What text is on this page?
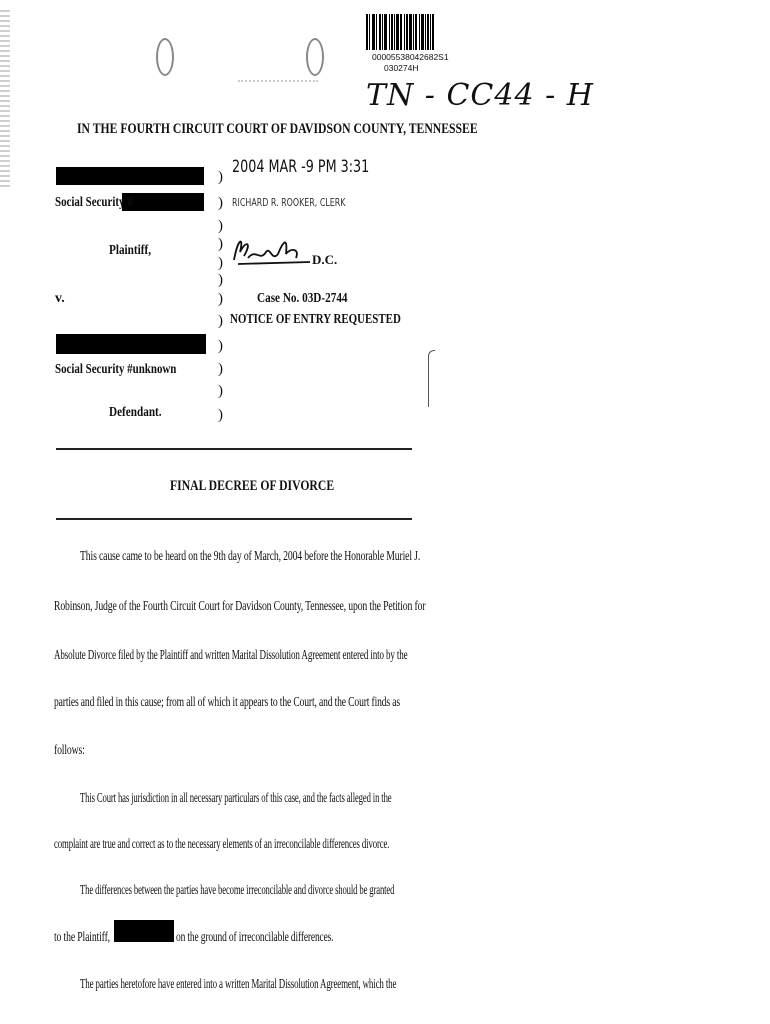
00005538042682S1
030274H
TN - CC44 - H
IN THE FOURTH CIRCUIT COURT OF DAVIDSON COUNTY, TENNESSEE
2004 MAR -9 PM 3:31
RICHARD R. ROOKER, CLERK
D.C.
Social Security #
Plaintiff,
v.
Social Security #unknown
Defendant.
)
)
)
)
)
)
)
)
)
)
)
)
Case No. 03D-2744
NOTICE OF ENTRY REQUESTED
FINAL DECREE OF DIVORCE
This cause came to be heard on the 9th day of March, 2004 before the Honorable Muriel J.
Robinson, Judge of the Fourth Circuit Court for Davidson County, Tennessee, upon the Petition for
Absolute Divorce filed by the Plaintiff and written Marital Dissolution Agreement entered into by the
parties and filed in this cause; from all of which it appears to the Court, and the Court finds as
follows:
This Court has jurisdiction in all necessary particulars of this case, and the facts alleged in the
complaint are true and correct as to the necessary elements of an irreconcilable differences divorce.
The differences between the parties have become irreconcilable and divorce should be granted
to the Plaintiff,	on the ground of irreconcilable differences.
The parties heretofore have entered into a written Marital Dissolution Agreement, which the
